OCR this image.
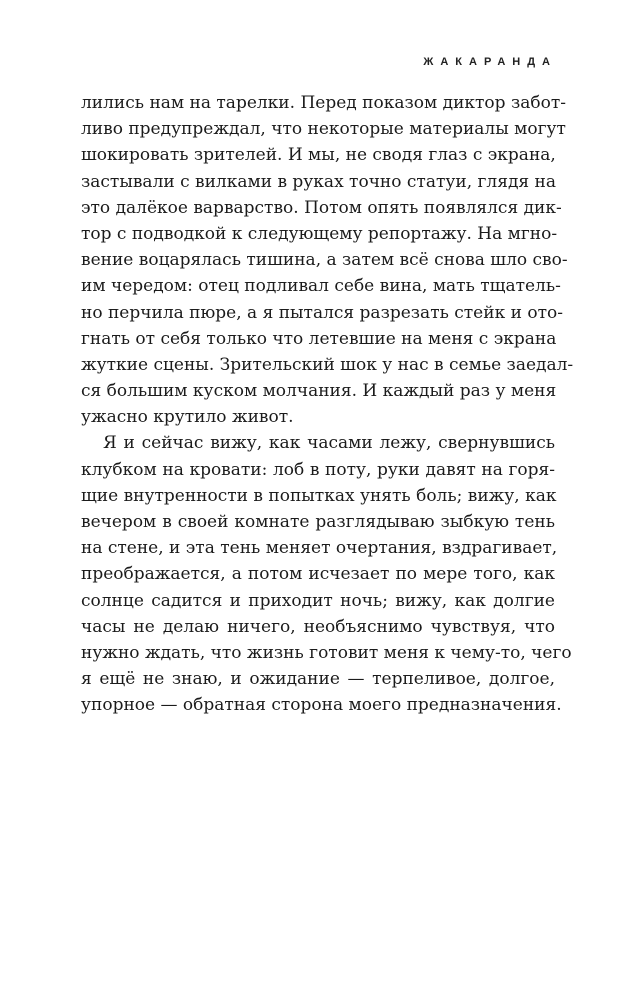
ЖАКАРАНДА
лились нам на тарелки. Перед показом диктор забот-
ливо предупреждал, что некоторые материалы могут
шокировать зрителей. И мы, не сводя глаз с экрана,
застывали с вилками в руках точно статуи, глядя на
это далёкое варварство. Потом опять появлялся дик-
тор с подводкой к следующему репортажу. На мгно-
вение воцарялась тишина, а затем всё снова шло сво-
им чередом: отец подливал себе вина, мать тщатель-
но перчила пюре, а я пытался разрезать стейк и ото-
гнать от себя только что летевшие на меня с экрана
жуткие сцены. Зрительский шок у нас в семье заедал-
ся большим куском молчания. И каждый раз у меня
ужасно крутило живот.
Я и сейчас вижу, как часами лежу, свернувшись
клубком на кровати: лоб в поту, руки давят на горя-
щие внутренности в попытках унять боль; вижу, как
вечером в своей комнате разглядываю зыбкую тень
на стене, и эта тень меняет очертания, вздрагивает,
преображается, а потом исчезает по мере того, как
солнце садится и приходит ночь; вижу, как долгие
часы не делаю ничего, необъяснимо чувствуя, что
нужно ждать, что жизнь готовит меня к чему-то, чего
я ещё не знаю, и ожидание — терпеливое, долгое,
упорное — обратная сторона моего предназначения.
